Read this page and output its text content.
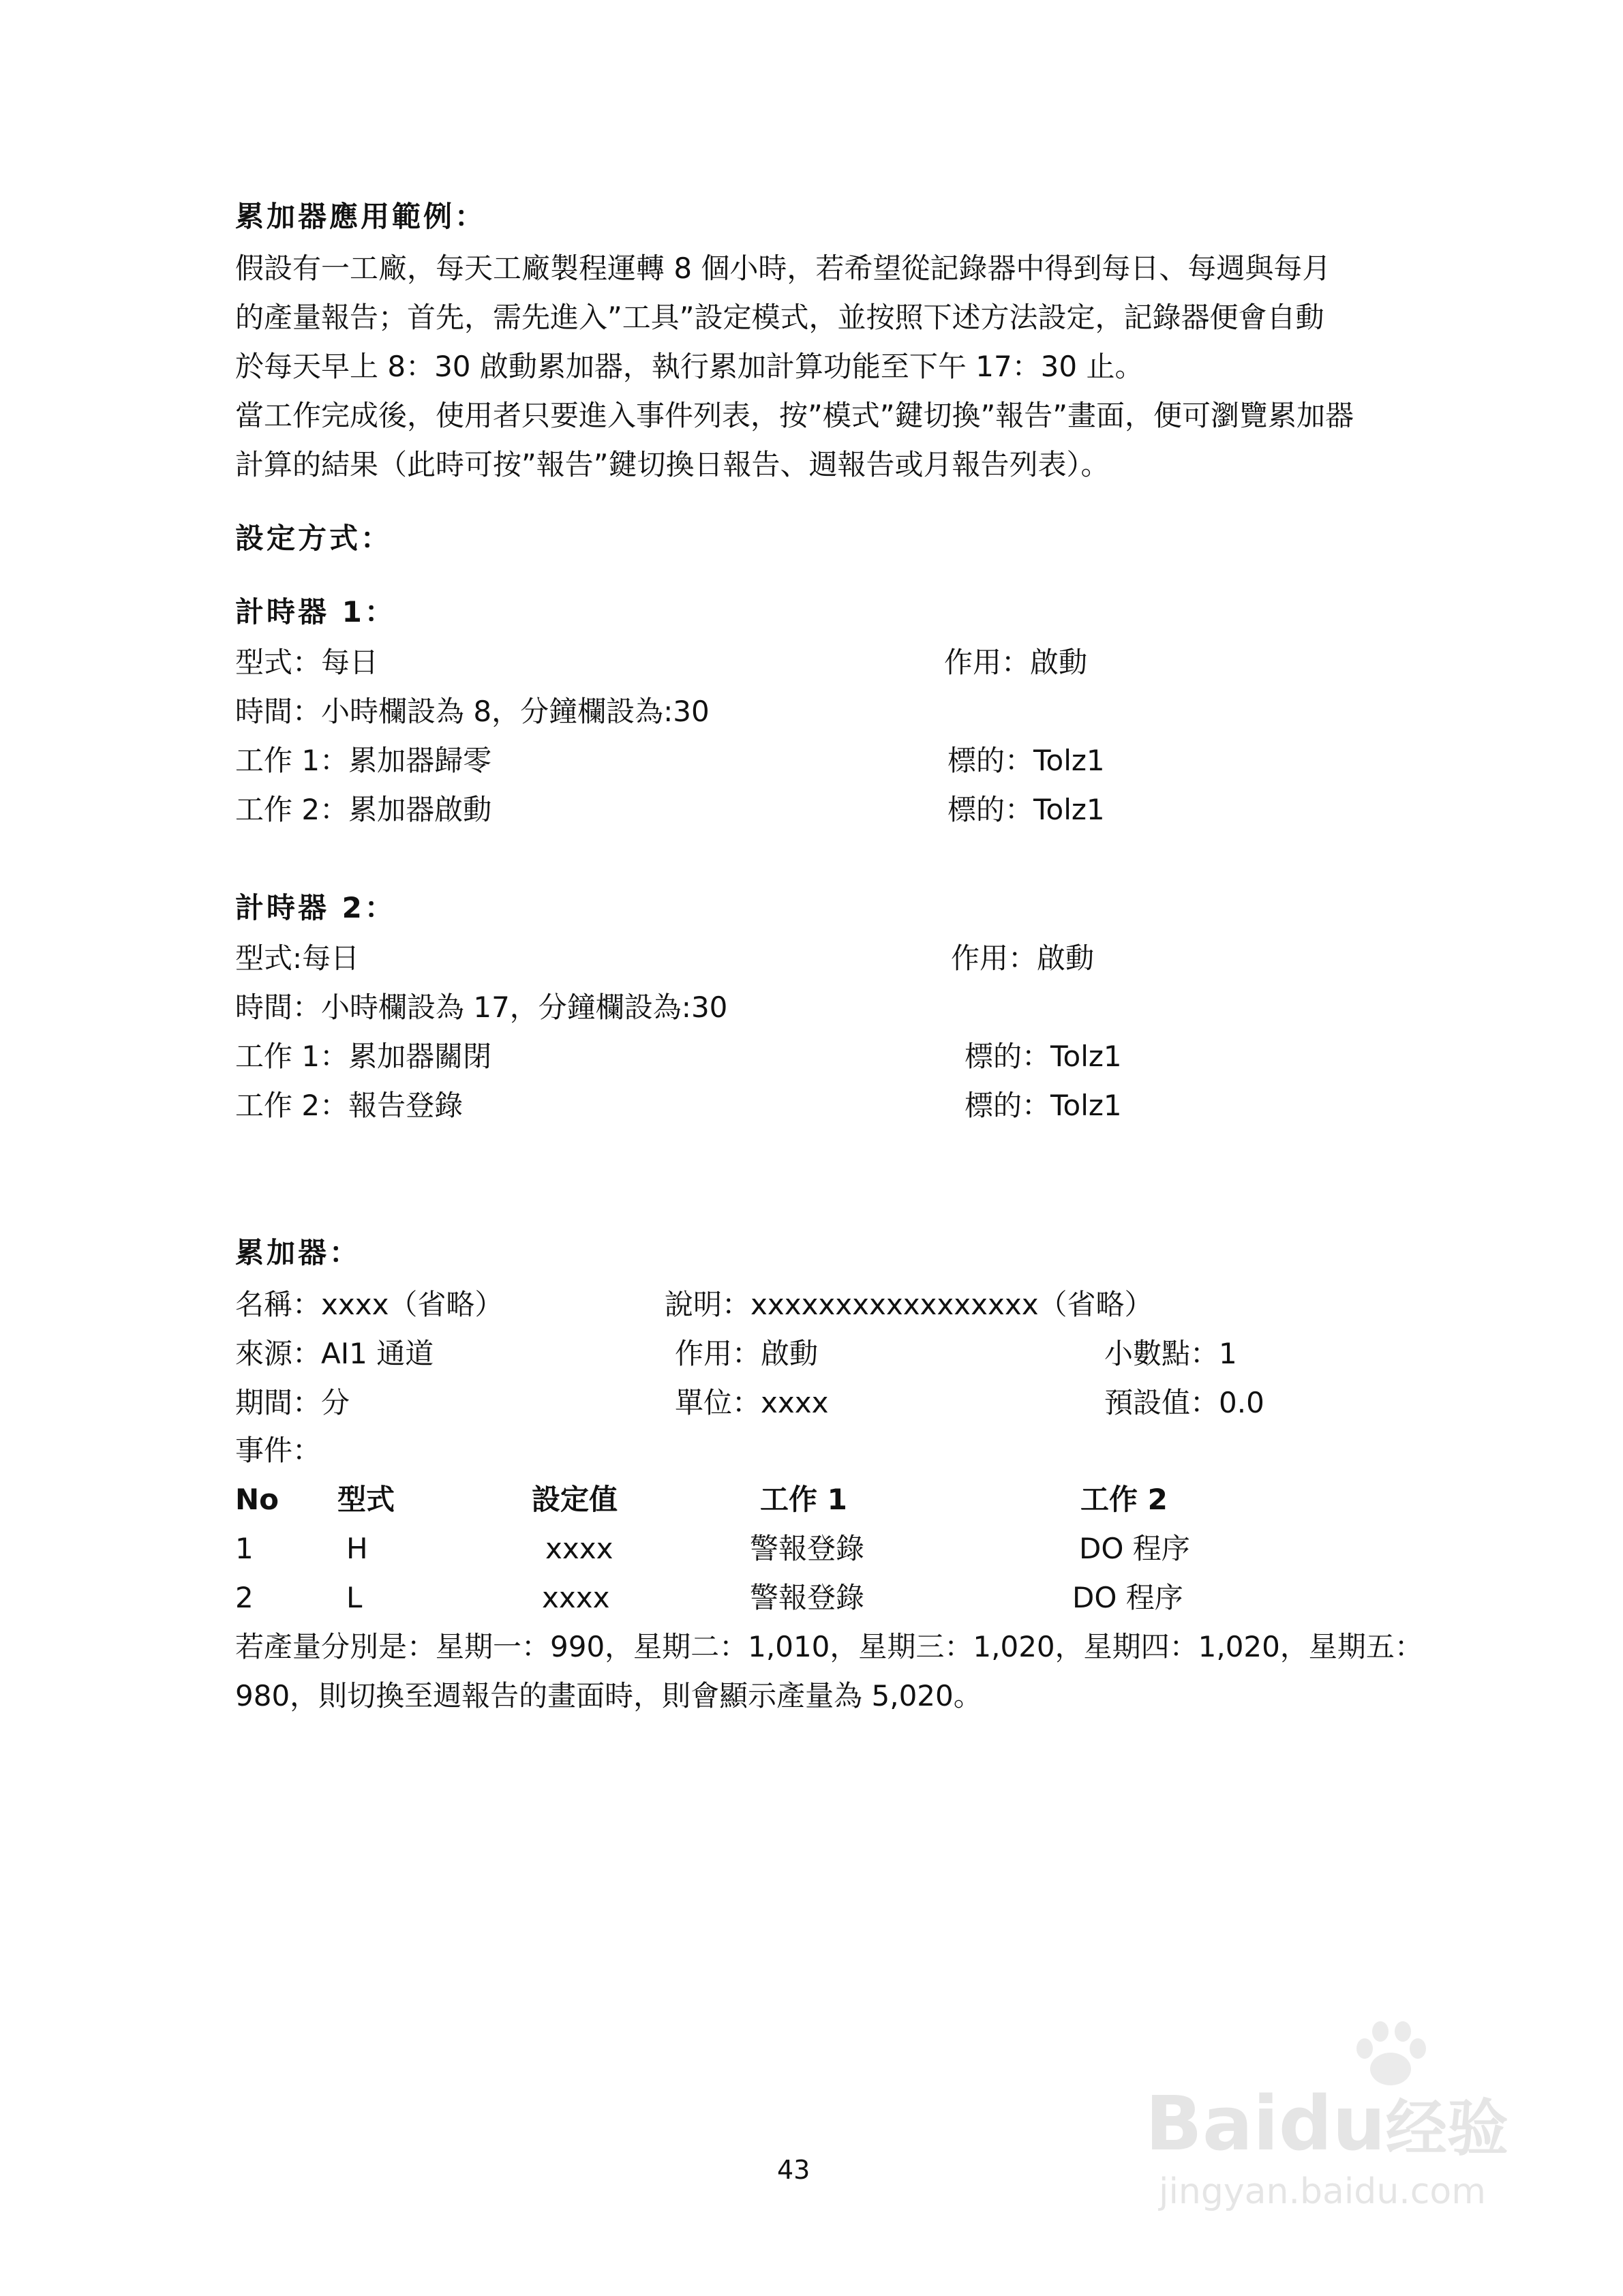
累加器應用範例：
假設有一工廠，每天工廠製程運轉 8 個小時，若希望從記錄器中得到每日、每週與每月
的產量報告；首先，需先進入”工具”設定模式，並按照下述方法設定，記錄器便會自動
於每天早上 8：30 啟動累加器，執行累加計算功能至下午 17：30 止。
當工作完成後，使用者只要進入事件列表，按”模式”鍵切換”報告”畫面，便可瀏覽累加器
計算的結果（此時可按”報告”鍵切換日報告、週報告或月報告列表）。
設定方式：
計時器 1：
型式：每日	作用：啟動
時間：小時欄設為 8，分鐘欄設為:30
工作 1：累加器歸零	標的：Tolz1
工作 2：累加器啟動	標的：Tolz1
計時器 2：
型式:每日	作用：啟動
時間：小時欄設為 17，分鐘欄設為:30
工作 1：累加器關閉	標的：Tolz1
工作 2：報告登錄	標的：Tolz1
累加器：
名稱：xxxx（省略）	說明：xxxxxxxxxxxxxxxxx（省略）
來源：AI1 通道	作用：啟動	小數點：1
期間：分	單位：xxxx	預設值：0.0
事件：
No 型式	設定值	工作 1	工作 2
1	H	xxxx	警報登錄	DO 程序
2	L	xxxx	警報登錄	DO 程序
若產量分別是：星期一：990，星期二：1,010，星期三：1,020，星期四：1,020，星期五：
980，則切換至週報告的畫面時，則會顯示產量為 5,020。
43
Baidu经验
jingyan.baidu.com
